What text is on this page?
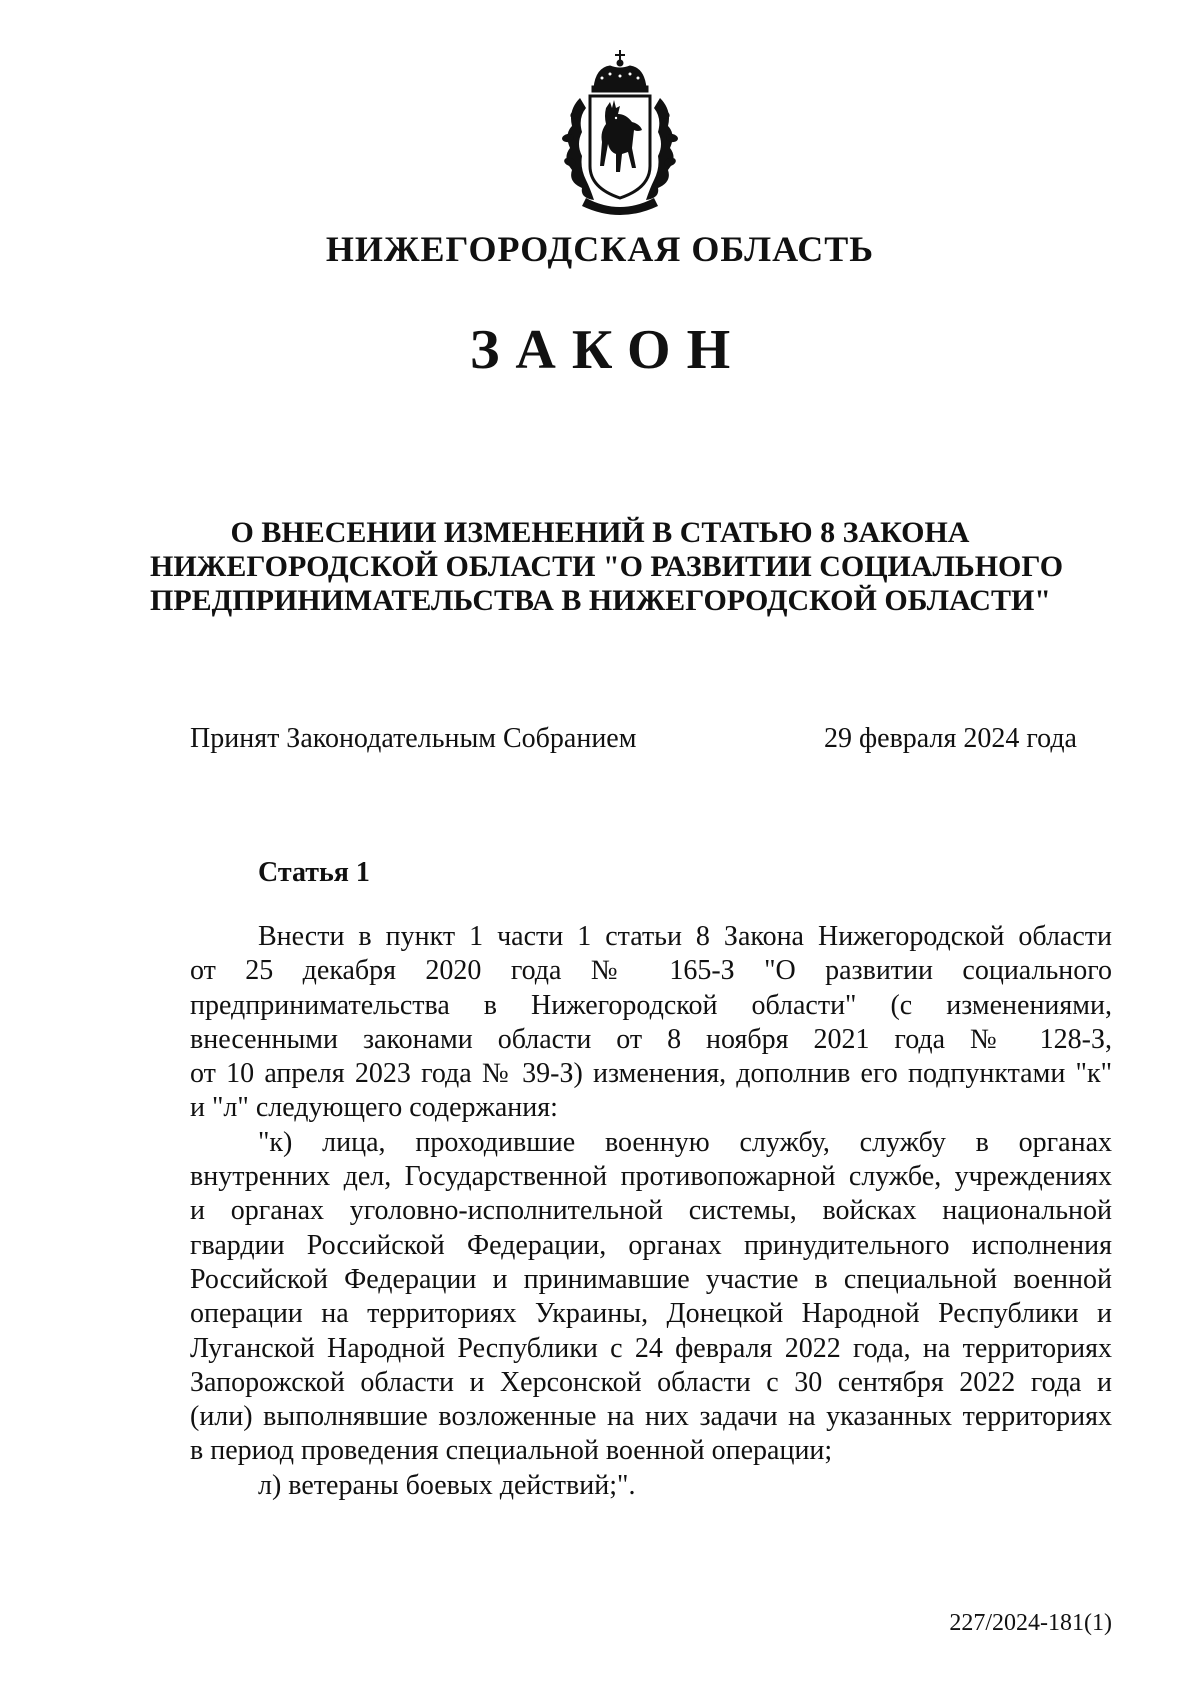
НИЖЕГОРОДСКАЯ ОБЛАСТЬ
ЗАКОН
О ВНЕСЕНИИ ИЗМЕНЕНИЙ В СТАТЬЮ 8 ЗАКОНА
НИЖЕГОРОДСКОЙ ОБЛАСТИ "О РАЗВИТИИ СОЦИАЛЬНОГО
ПРЕДПРИНИМАТЕЛЬСТВА В НИЖЕГОРОДСКОЙ ОБЛАСТИ"
Принят Законодательным Собранием	29 февраля 2024 года
Статья 1
Внести в пункт 1 части 1 статьи 8 Закона Нижегородской области
от 25 декабря 2020 года № 165-З "О развитии социального
предпринимательства в Нижегородской области" (с изменениями,
внесенными законами области от 8 ноября 2021 года № 128-З,
от 10 апреля 2023 года № 39-З) изменения, дополнив его подпунктами "к"
и "л" следующего содержания:
"к) лица, проходившие военную службу, службу в органах
внутренних дел, Государственной противопожарной службе, учреждениях
и органах уголовно-исполнительной системы, войсках национальной
гвардии Российской Федерации, органах принудительного исполнения
Российской Федерации и принимавшие участие в специальной военной
операции на территориях Украины, Донецкой Народной Республики и
Луганской Народной Республики с 24 февраля 2022 года, на территориях
Запорожской области и Херсонской области с 30 сентября 2022 года и
(или) выполнявшие возложенные на них задачи на указанных территориях
в период проведения специальной военной операции;
л) ветераны боевых действий;".
227/2024-181(1)
